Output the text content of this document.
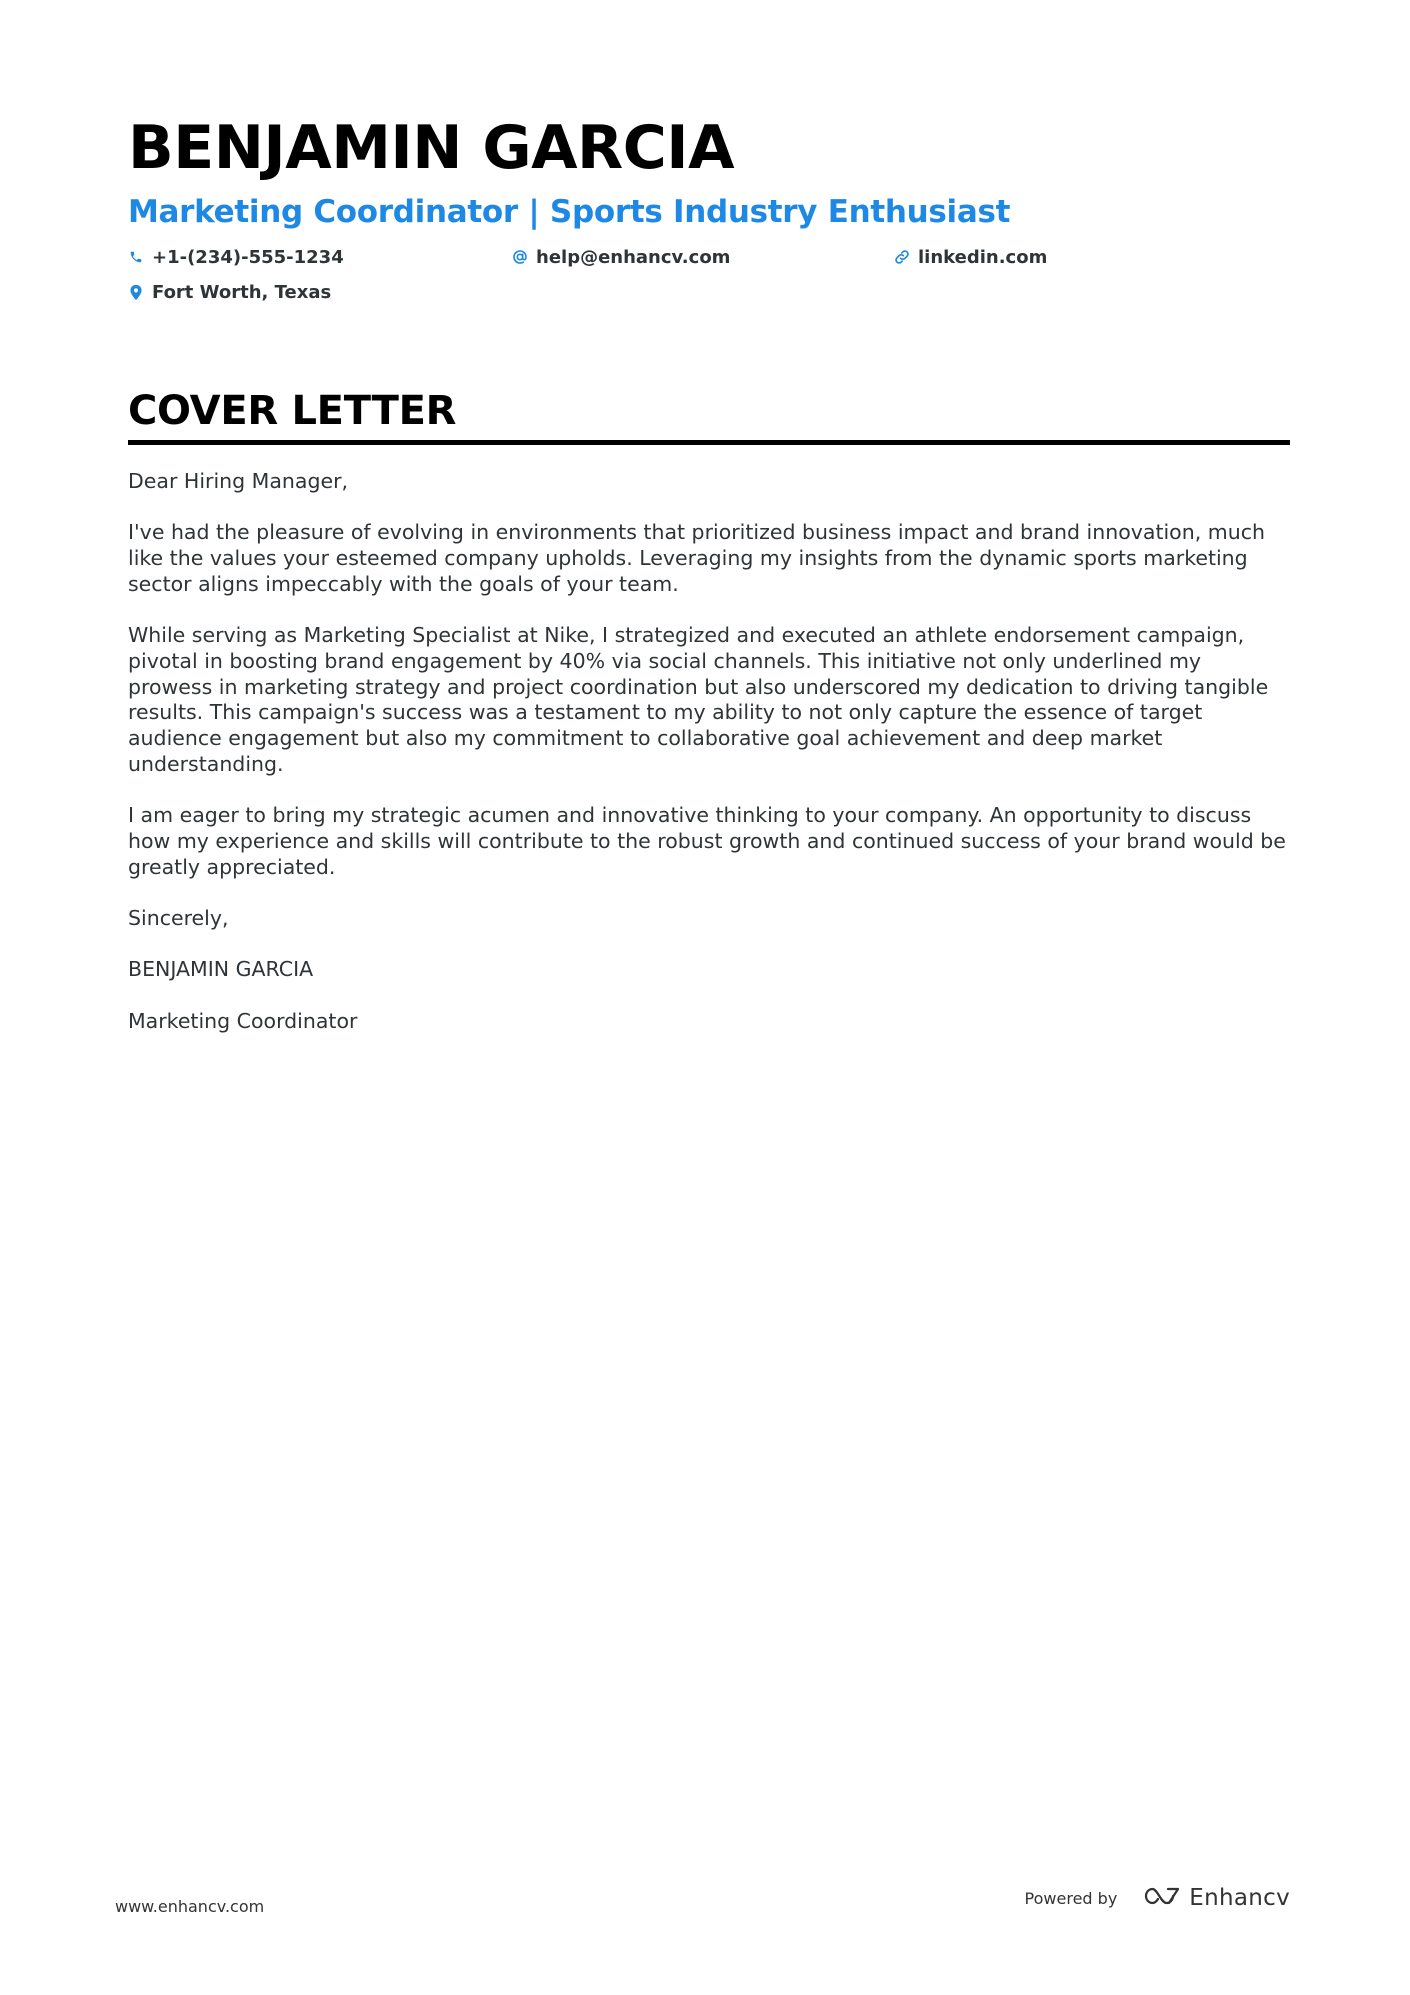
BENJAMIN GARCIA
Marketing Coordinator | Sports Industry Enthusiast
+1-(234)-555-1234	help@enhancv.com	linkedin.com
Fort Worth, Texas
COVER LETTER

Dear Hiring Manager,

I've had the pleasure of evolving in environments that prioritized business impact and brand innovation, much like the values your esteemed company upholds. Leveraging my insights from the dynamic sports marketing sector aligns impeccably with the goals of your team.

While serving as Marketing Specialist at Nike, I strategized and executed an athlete endorsement campaign, pivotal in boosting brand engagement by 40% via social channels. This initiative not only underlined my prowess in marketing strategy and project coordination but also underscored my dedication to driving tangible results. This campaign's success was a testament to my ability to not only capture the essence of target audience engagement but also my commitment to collaborative goal achievement and deep market understanding.

I am eager to bring my strategic acumen and innovative thinking to your company. An opportunity to discuss how my experience and skills will contribute to the robust growth and continued success of your brand would be greatly appreciated.

Sincerely,

BENJAMIN GARCIA

Marketing Coordinator

www.enhancv.com	Powered by	Enhancv
